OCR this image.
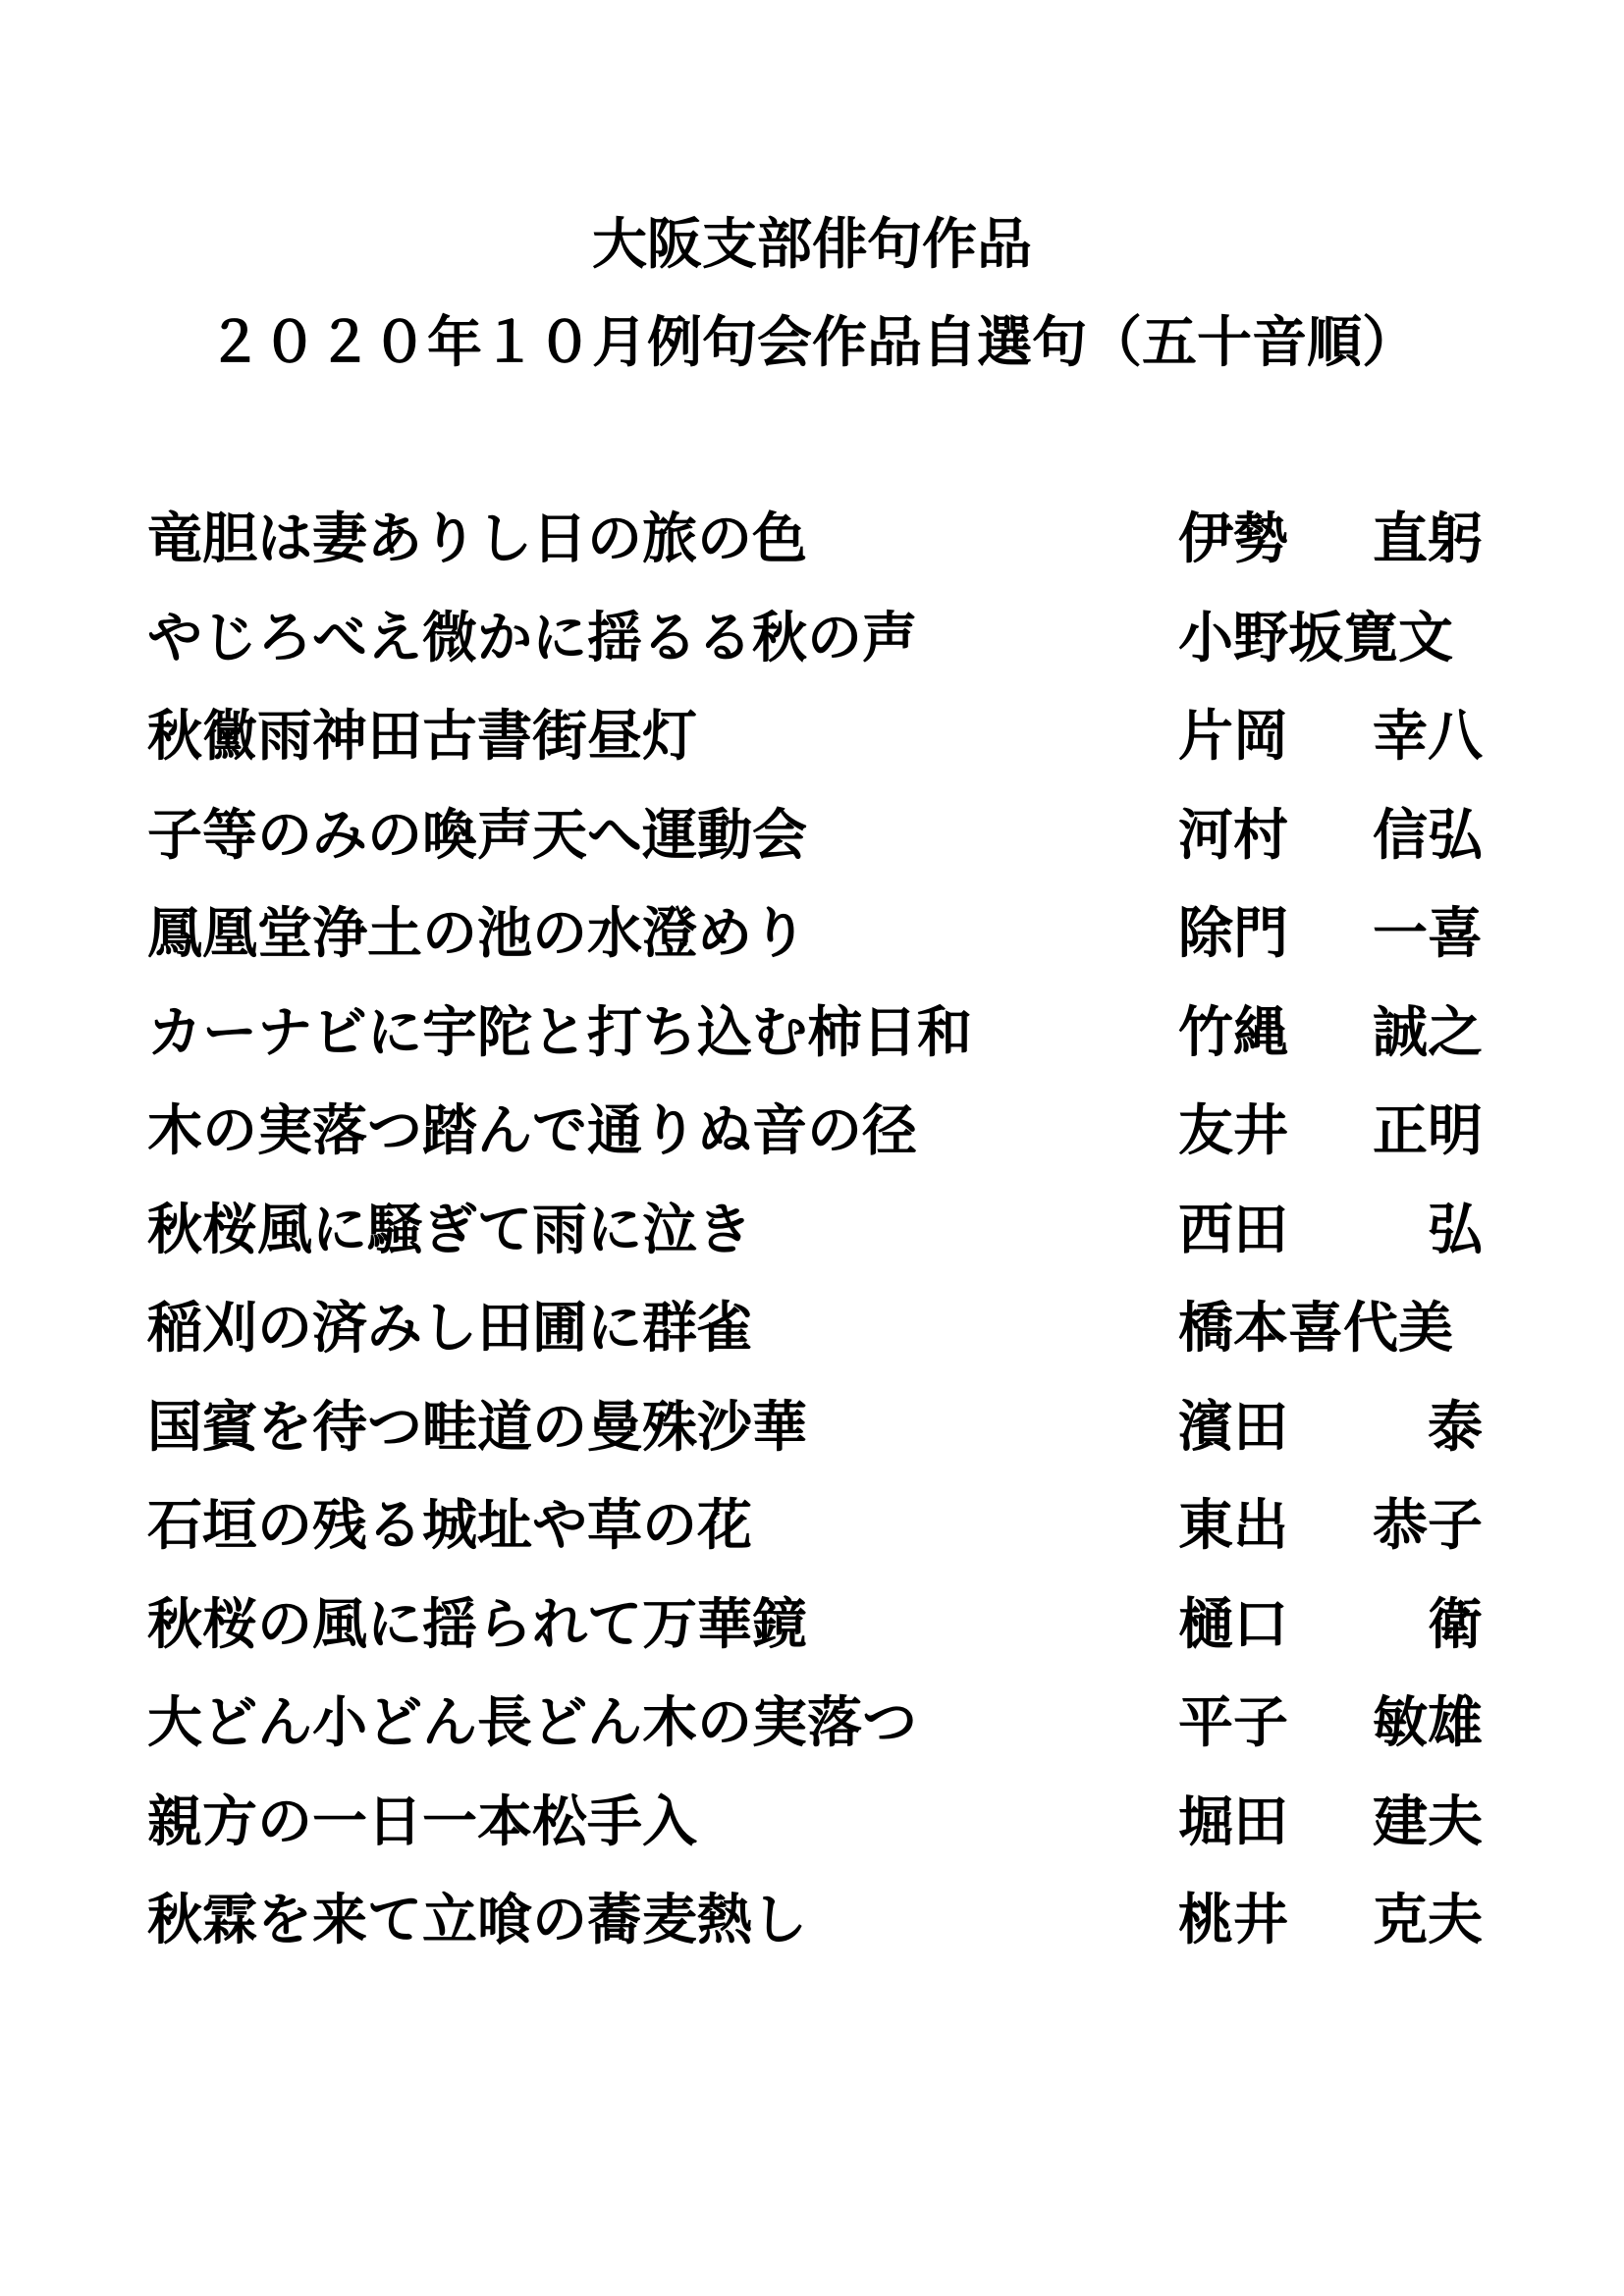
大阪支部俳句作品
２０２０年１０月例句会作品自選句（五十音順）
竜胆は妻ありし日の旅の色	伊勢 直躬
やじろべえ微かに揺るる秋の声	小野坂寛文
秋黴雨神田古書街昼灯	片岡 幸八
子等のみの喚声天へ運動会	河村 信弘
鳳凰堂浄土の池の水澄めり	除門 一喜
カーナビに宇陀と打ち込む柿日和	竹縄 誠之
木の実落つ踏んで通りぬ音の径	友井 正明
秋桜風に騒ぎて雨に泣き	西田	弘
稲刈の済みし田圃に群雀	橋本喜代美
国賓を待つ畦道の曼殊沙華	濱田	泰
石垣の残る城址や草の花	東出 恭子
秋桜の風に揺られて万華鏡	樋口	衛
大どん小どん長どん木の実落つ	平子 敏雄
親方の一日一本松手入	堀田 建夫
秋霖を来て立喰の蕎麦熱し	桃井 克夫
